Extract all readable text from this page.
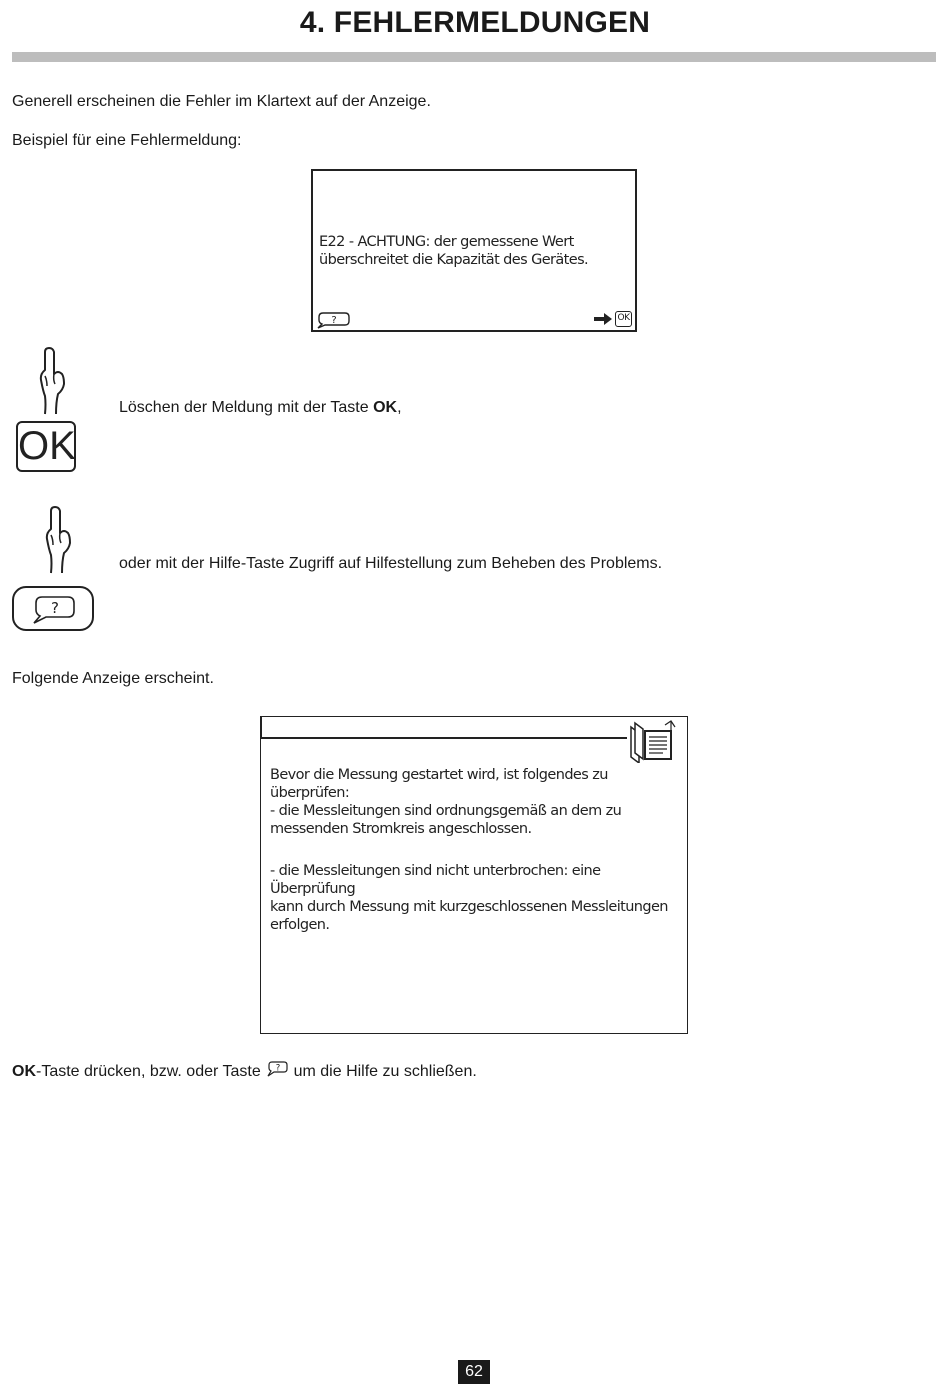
4. FEHLERMELDUNGEN
Generell erscheinen die Fehler im Klartext auf der Anzeige.
Beispiel für eine Fehlermeldung:
E22 - ACHTUNG: der gemessene Wert
überschreitet die Kapazität des Gerätes.
?	OK
OK
Löschen der Meldung mit der Taste OK,
?
oder mit der Hilfe-Taste Zugriff auf Hilfestellung zum Beheben des Problems.
Folgende Anzeige erscheint.
Bevor die Messung gestartet wird, ist folgendes zu überprüfen:
- die Messleitungen sind ordnungsgemäß an dem zu
messenden Stromkreis angeschlossen.
- die Messleitungen sind nicht unterbrochen: eine Überprüfung
kann durch Messung mit kurzgeschlossenen Messleitungen
erfolgen.
OK-Taste drücken, bzw. oder Taste ? um die Hilfe zu schließen.
62
